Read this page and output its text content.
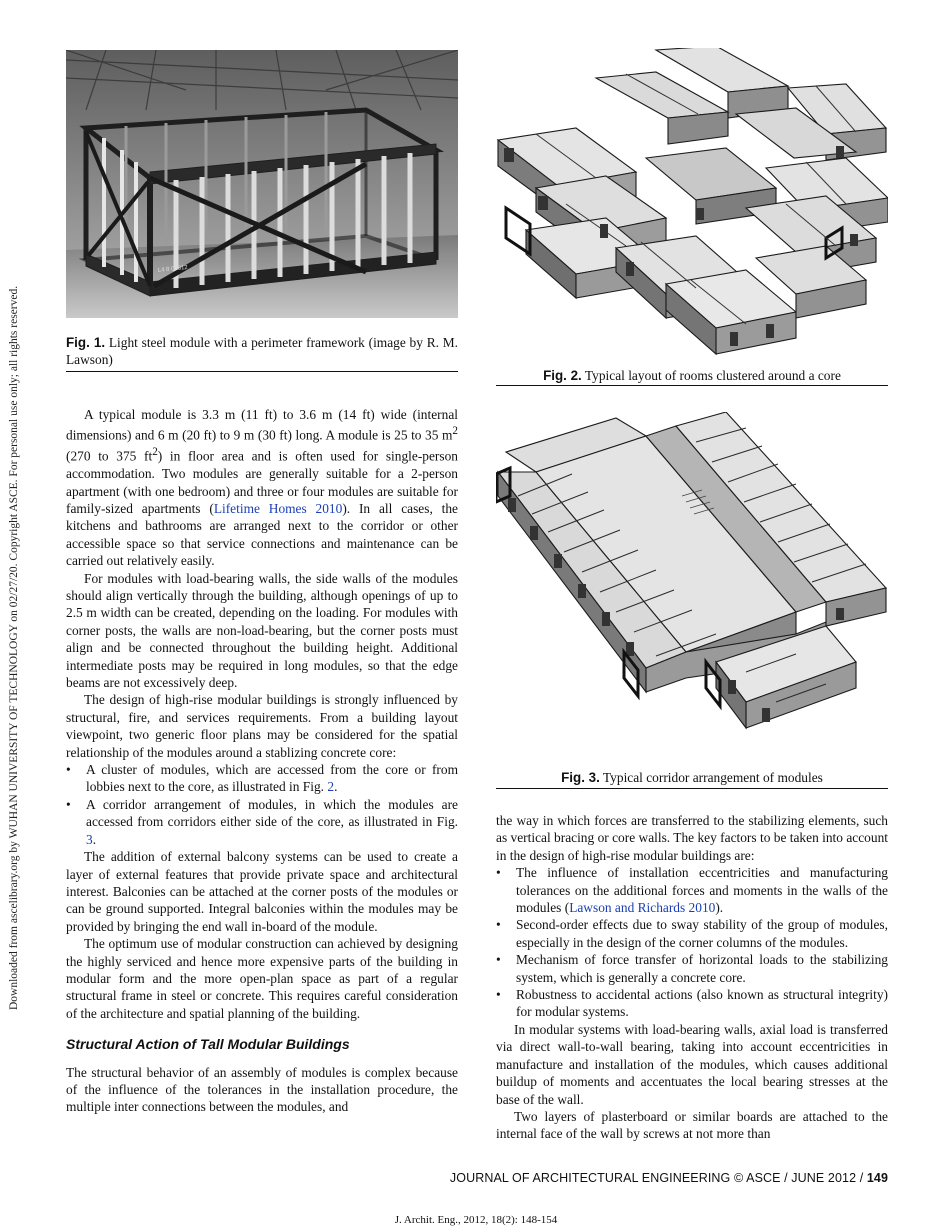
Downloaded from ascelibrary.org by WUHAN UNIVERSITY OF TECHNOLOGY on 02/27/20. Copyright ASCE. For personal use only; all rights reserved.
L4 8 00812
Fig. 1. Light steel module with a perimeter framework (image by R. M. Lawson)
Fig. 2. Typical layout of rooms clustered around a core
Fig. 3. Typical corridor arrangement of modules

A typical module is 3.3 m (11 ft) to 3.6 m (14 ft) wide (internal dimensions) and 6 m (20 ft) to 9 m (30 ft) long. A module is 25 to 35 $m^2$ (270 to 375 $ft^2$) in floor area and is often used for single-person accommodation. Two modules are generally suitable for a 2-person apartment (with one bedroom) and three or four modules are suitable for family-sized apartments (Lifetime Homes 2010). In all cases, the kitchens and bathrooms are arranged next to the corridor or other accessible space so that service connections and maintenance can be carried out relatively easily.

For modules with load-bearing walls, the side walls of the modules should align vertically through the building, although openings of up to 2.5 m width can be created, depending on the loading. For modules with corner posts, the walls are non-load-bearing, but the corner posts must align and be connected throughout the building height. Additional intermediate posts may be required in long modules, so that the edge beams are not excessively deep.

The design of high-rise modular buildings is strongly influenced by structural, fire, and services requirements. From a building layout viewpoint, two generic floor plans may be considered for the spatial relationship of the modules around a stablizing concrete core:

• A cluster of modules, which are accessed from the core or from lobbies next to the core, as illustrated in Fig. 2.
• A corridor arrangement of modules, in which the modules are accessed from corridors either side of the core, as illustrated in Fig. 3.

The addition of external balcony systems can be used to create a layer of external features that provide private space and architectural interest. Balconies can be attached at the corner posts of the modules or can be ground supported. Integral balconies within the modules may be provided by bringing the end wall in-board of the module.

The optimum use of modular construction can achieved by designing the highly serviced and hence more expensive parts of the building in modular form and the more open-plan space as part of a regular structural frame in steel or concrete. This requires careful consideration of the architecture and spatial planning of the building.

Structural Action of Tall Modular Buildings

The structural behavior of an assembly of modules is complex because of the influence of the tolerances in the installation procedure, the multiple inter connections between the modules, and

the way in which forces are transferred to the stabilizing elements, such as vertical bracing or core walls. The key factors to be taken into account in the design of high-rise modular buildings are:

• The influence of installation eccentricities and manufacturing tolerances on the additional forces and moments in the walls of the modules (Lawson and Richards 2010).
• Second-order effects due to sway stability of the group of modules, especially in the design of the corner columns of the modules.
• Mechanism of force transfer of horizontal loads to the stabilizing system, which is generally a concrete core.
• Robustness to accidental actions (also known as structural integrity) for modular systems.

In modular systems with load-bearing walls, axial load is transferred via direct wall-to-wall bearing, taking into account eccentricities in manufacture and installation of the modules, which causes additional buildup of moments and accentuates the local bearing stresses at the base of the wall.

Two layers of plasterboard or similar boards are attached to the internal face of the wall by screws at not more than

JOURNAL OF ARCHITECTURAL ENGINEERING © ASCE / JUNE 2012 / 149
J. Archit. Eng., 2012, 18(2): 148-154
